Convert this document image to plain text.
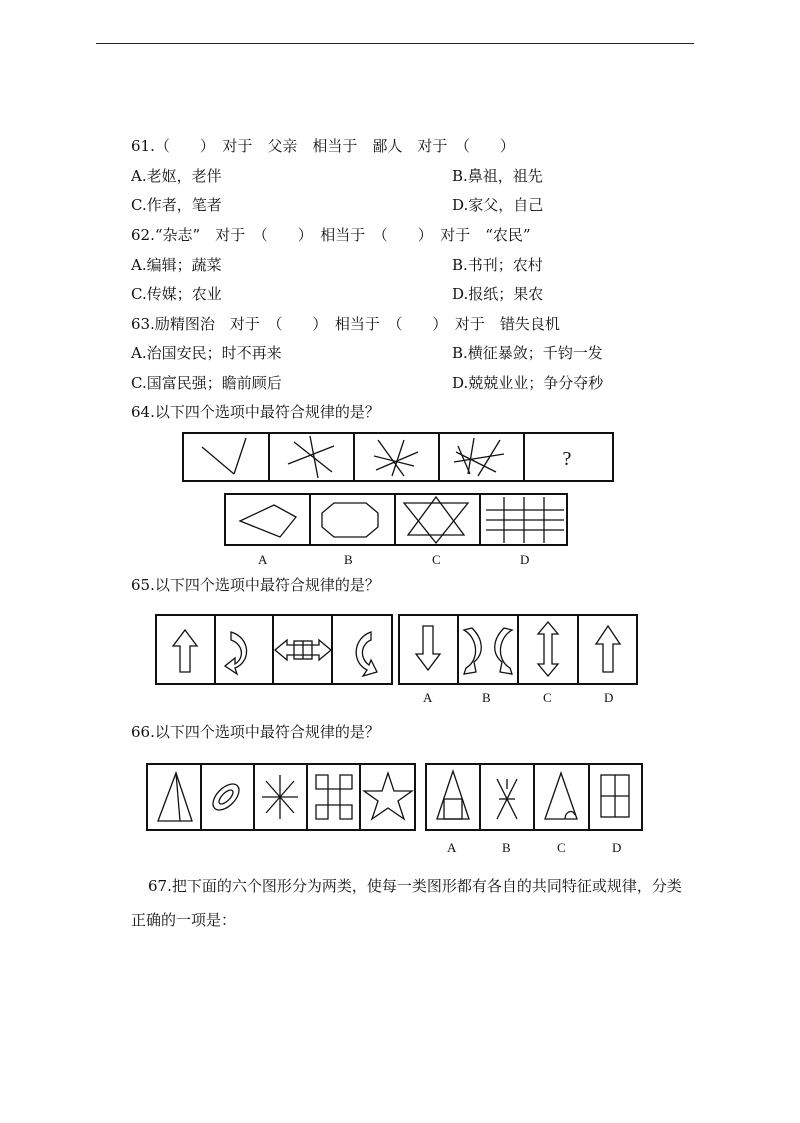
61.（　　）　对于　父亲　相当于　鄙人　对于　（　　）
A.老妪，老伴	B.鼻祖，祖先
C.作者，笔者	D.家父，自己
62.“杂志”　对于　（　　）　相当于　（　　）　对于　“农民”
A.编辑；蔬菜	B.书刊；农村
C.传媒；农业	D.报纸；果农
63.励精图治　对于　（　　）　相当于　（　　）　对于　错失良机
A.治国安民；时不再来	B.横征暴敛；千钧一发
C.国富民强；瞻前顾后	D.兢兢业业；争分夺秒
64.以下四个选项中最符合规律的是？
?
A	B	C	D
65.以下四个选项中最符合规律的是？
A	B	C	D
66.以下四个选项中最符合规律的是？
A	B	C	D
67.把下面的六个图形分为两类，使每一类图形都有各自的共同特征或规律，分类
正确的一项是：
